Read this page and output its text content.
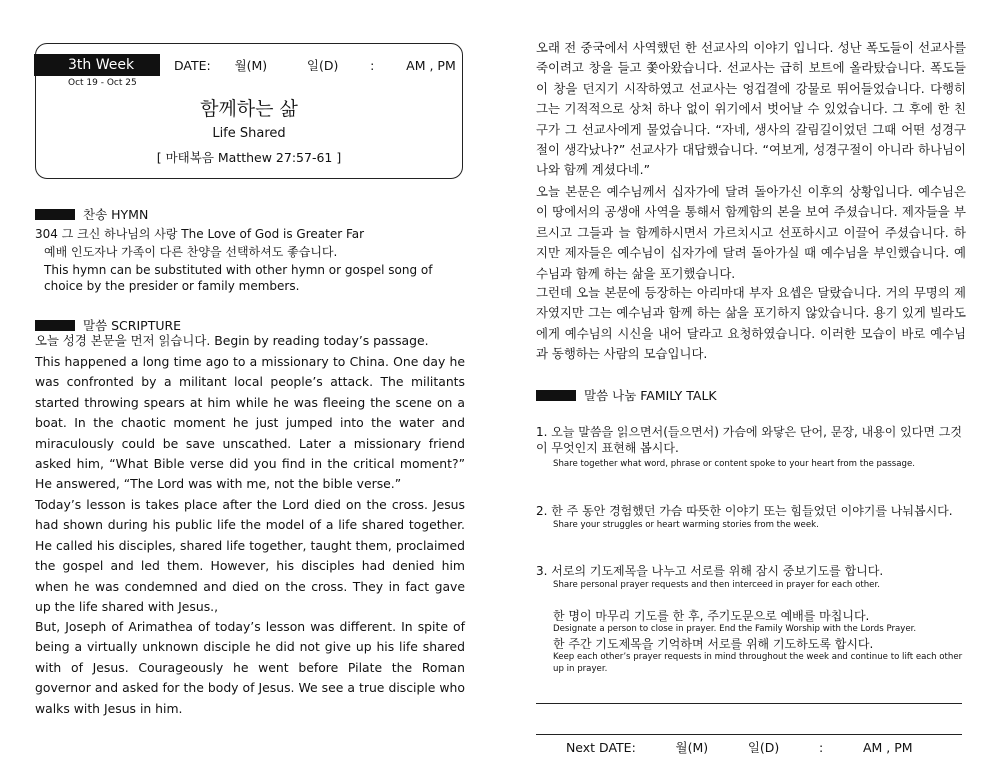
3th Week
Oct 19 - Oct 25
DATE:      월(M)          일(D)        :        AM , PM
함께하는 삶
Life Shared
[ 마태복음 Matthew 27:57-61 ]
찬송 HYMN
304 그 크신 하나님의 사랑 The Love of God is Greater Far
예배 인도자나 가족이 다른 찬양을 선택하셔도 좋습니다.
This hymn can be substituted with other hymn or gospel song of choice by the presider or family members.
말씀 SCRIPTURE
오늘 성경 본문을 먼저 읽습니다. Begin by reading today’s passage.
This happened a long time ago to a missionary to China. One day he was confronted by a militant local people’s attack. The militants started throwing spears at him while he was fleeing the scene on a boat. In the chaotic moment he just jumped into the water and miraculously could be save unscathed. Later a missionary friend asked him, “What Bible verse did you find in the critical moment?” He answered, “The Lord was with me, not the bible verse.”
Today’s lesson is takes place after the Lord died on the cross. Jesus had shown during his public life the model of a life shared together. He called his disciples, shared life together, taught them, proclaimed the gospel and led them. However, his disciples had denied him when he was condemned and died on the cross. They in fact gave up the life shared with Jesus.,
But, Joseph of Arimathea of today’s lesson was different. In spite of being a virtually unknown disciple he did not give up his life shared with of Jesus. Courageously he went before Pilate the Roman governor and asked for the body of Jesus. We see a true disciple who walks with Jesus in him.
오래 전 중국에서 사역했던 한 선교사의 이야기 입니다. 성난 폭도들이 선교사를 죽이려고 창을 들고 쫓아왔습니다. 선교사는 급히 보트에 올라탔습니다. 폭도들이 창을 던지기 시작하였고 선교사는 엉겁결에 강물로 뛰어들었습니다. 다행히 그는 기적적으로 상처 하나 없이 위기에서 벗어날 수 있었습니다. 그 후에 한 친구가 그 선교사에게 물었습니다. “자네, 생사의 갈림길이었던 그때 어떤 성경구절이 생각났나?” 선교사가 대답했습니다. “여보게, 성경구절이 아니라 하나님이 나와 함께 계셨다네.”
오늘 본문은 예수님께서 십자가에 달려 돌아가신 이후의 상황입니다. 예수님은 이 땅에서의 공생애 사역을 통해서 함께함의 본을 보여 주셨습니다. 제자들을 부르시고 그들과 늘 함께하시면서 가르치시고 선포하시고 이끌어 주셨습니다. 하지만 제자들은 예수님이 십자가에 달려 돌아가실 때 예수님을 부인했습니다. 예수님과 함께 하는 삶을 포기했습니다.
그런데 오늘 본문에 등장하는 아리마대 부자 요셉은 달랐습니다. 거의 무명의 제자였지만 그는 예수님과 함께 하는 삶을 포기하지 않았습니다. 용기 있게 빌라도에게 예수님의 시신을 내어 달라고 요청하였습니다. 이러한 모습이 바로 예수님과 동행하는 사람의 모습입니다.
말씀 나눔 FAMILY TALK
1. 오늘 말씀을 읽으면서(들으면서) 가슴에 와닿은 단어, 문장, 내용이 있다면 그것이 무엇인지 표현해 봅시다.
Share together what word, phrase or content spoke to your heart from the passage.
2. 한 주 동안 경험했던 가슴 따뜻한 이야기 또는 힘들었던 이야기를 나눠봅시다.
Share your struggles or heart warming stories from the week.
3. 서로의 기도제목을 나누고 서로를 위해 잠시 중보기도를 합니다.
Share personal prayer requests and then interceed in prayer for each other.
한 명이 마무리 기도를 한 후, 주기도문으로 예배를 마칩니다.
Designate a person to close in prayer. End the Family Worship with the Lords Prayer.
한 주간 기도제목을 기억하며 서로를 위해 기도하도록 합시다.
Keep each other’s prayer requests in mind throughout the week and continue to lift each other up in prayer.

Next DATE:          월(M)          일(D)          :          AM , PM
